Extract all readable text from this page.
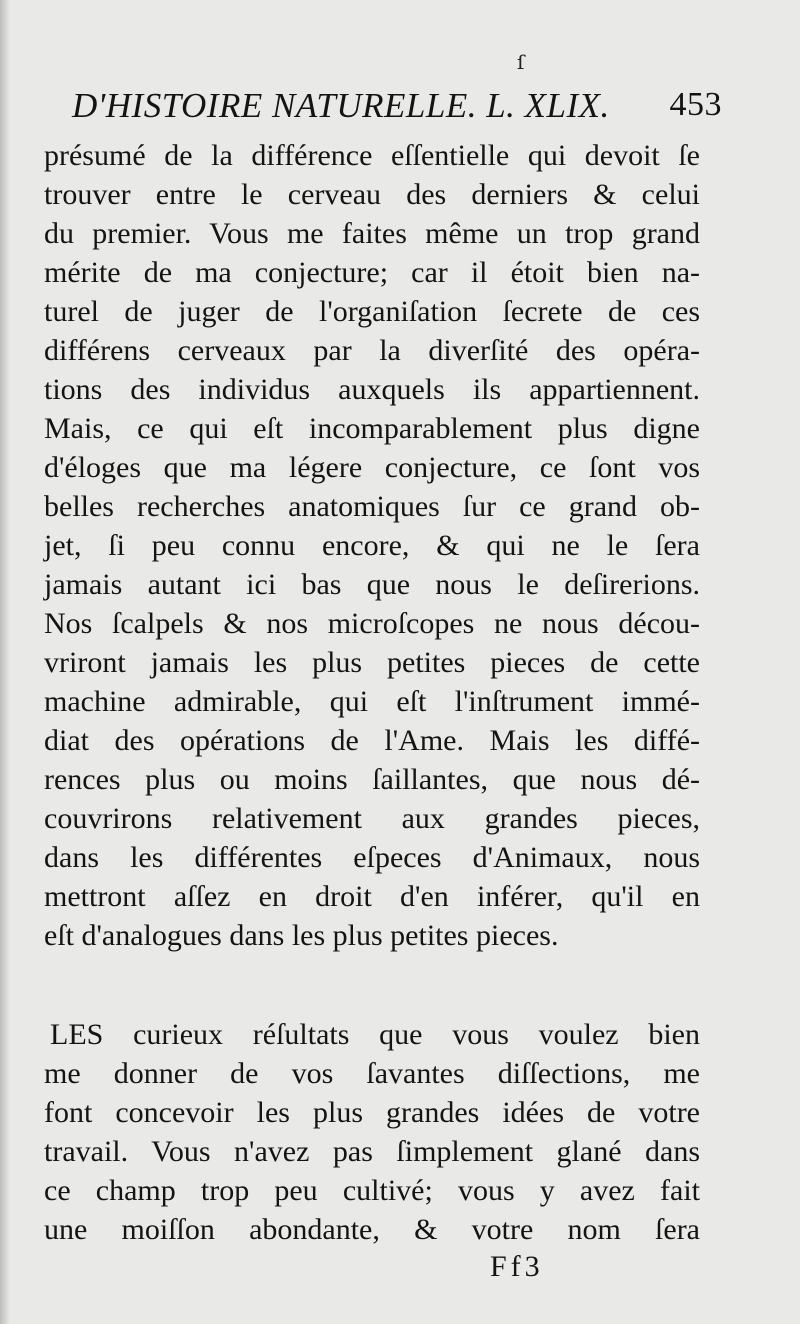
ſ
D'HISTOIRE NATURELLE. L. XLIX. 453
présumé de la différence eſſentielle qui devoit ſe
trouver entre le cerveau des derniers & celui
du premier. Vous me faites même un trop grand
mérite de ma conjecture; car il étoit bien na-
turel de juger de l'organiſation ſecrete de ces
différens cerveaux par la diverſité des opéra-
tions des individus auxquels ils appartiennent.
Mais, ce qui eſt incomparablement plus digne
d'éloges que ma légere conjecture, ce ſont vos
belles recherches anatomiques ſur ce grand ob-
jet, ſi peu connu encore, & qui ne le ſera
jamais autant ici bas que nous le deſirerions.
Nos ſcalpels & nos microſcopes ne nous décou-
vriront jamais les plus petites pieces de cette
machine admirable, qui eſt l'inſtrument immé-
diat des opérations de l'Ame. Mais les diffé-
rences plus ou moins ſaillantes, que nous dé-
couvrirons relativement aux grandes pieces,
dans les différentes eſpeces d'Animaux, nous
mettront aſſez en droit d'en inférer, qu'il en
eſt d'analogues dans les plus petites pieces.
LES curieux réſultats que vous voulez bien
me donner de vos ſavantes diſſections, me
font concevoir les plus grandes idées de votre
travail. Vous n'avez pas ſimplement glané dans
ce champ trop peu cultivé; vous y avez fait
une moiſſon abondante, & votre nom ſera
Ff3
